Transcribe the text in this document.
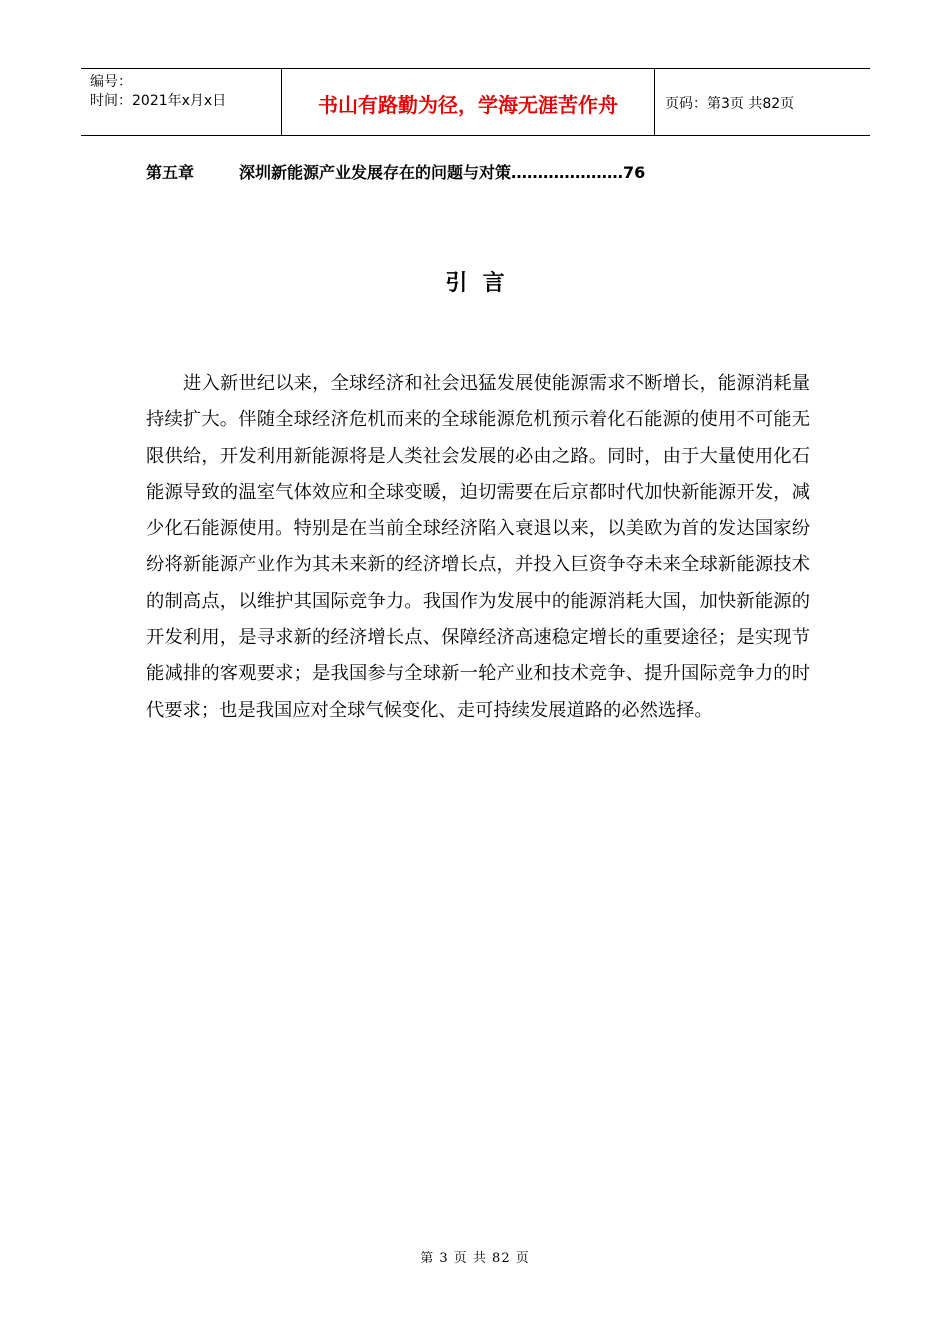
编号：
时间：2021年x月x日	书山有路勤为径，学海无涯苦作舟	页码：第3页 共82页
第五章	深圳新能源产业发展存在的问题与对策…………………76
引  言

进入新世纪以来，全球经济和社会迅猛发展使能源需求不断增长，能源消耗量持续扩大。伴随全球经济危机而来的全球能源危机预示着化石能源的使用不可能无限供给，开发利用新能源将是人类社会发展的必由之路。同时，由于大量使用化石能源导致的温室气体效应和全球变暖，迫切需要在后京都时代加快新能源开发，减少化石能源使用。特别是在当前全球经济陷入衰退以来，以美欧为首的发达国家纷纷将新能源产业作为其未来新的经济增长点，并投入巨资争夺未来全球新能源技术的制高点，以维护其国际竞争力。我国作为发展中的能源消耗大国，加快新能源的开发利用，是寻求新的经济增长点、保障经济高速稳定增长的重要途径；是实现节能减排的客观要求；是我国参与全球新一轮产业和技术竞争、提升国际竞争力的时代要求；也是我国应对全球气候变化、走可持续发展道路的必然选择。

第 3 页 共 82 页
